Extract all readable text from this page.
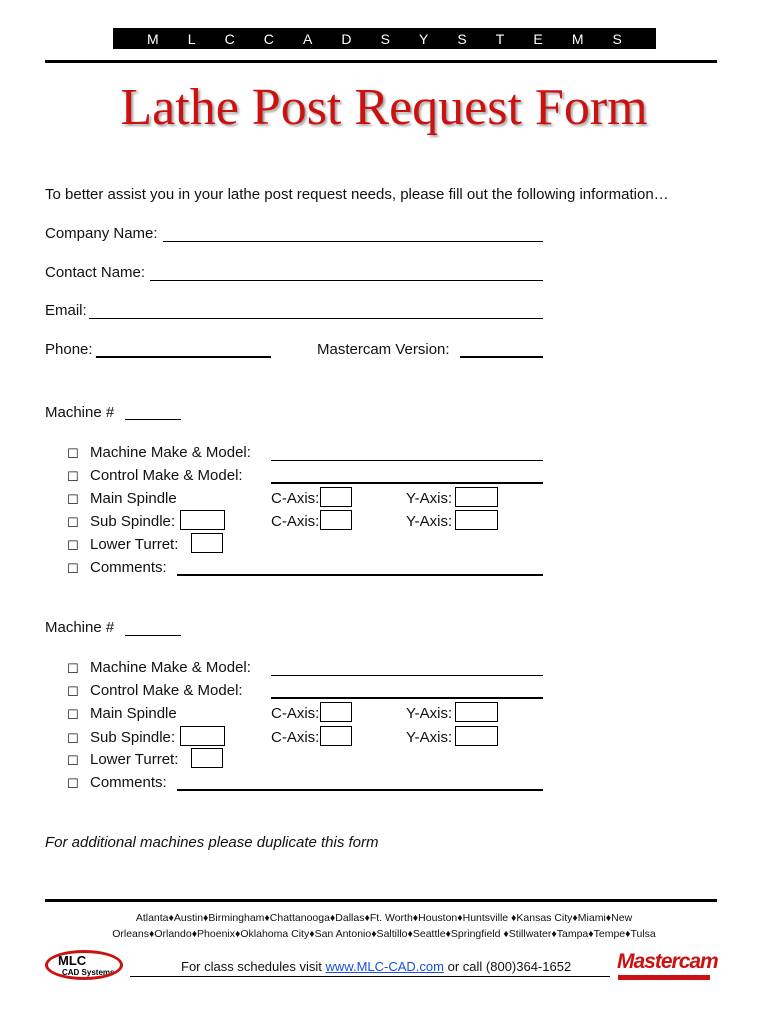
M L C C A D S Y S T E M S
Lathe Post Request Form
To better assist you in your lathe post request needs, please fill out the following information…
Company Name:
Contact Name:
Email:
Phone:	Mastercam Version:
Machine #
☐ Machine Make & Model:
☐ Control Make & Model:
☐ Main Spindle	C-Axis:	Y-Axis:
☐ Sub Spindle:	C-Axis:	Y-Axis:
☐ Lower Turret:
☐ Comments:
Machine #
☐ Machine Make & Model:
☐ Control Make & Model:
☐ Main Spindle	C-Axis:	Y-Axis:
☐ Sub Spindle:	C-Axis:	Y-Axis:
☐ Lower Turret:
☐ Comments:
For additional machines please duplicate this form
Atlanta♦Austin♦Birmingham♦Chattanooga♦Dallas♦Ft. Worth♦Houston♦Huntsville ♦Kansas City♦Miami♦New
Orleans♦Orlando♦Phoenix♦Oklahoma City♦San Antonio♦Saltillo♦Seattle♦Springfield ♦Stillwater♦Tampa♦Tempe♦Tulsa
MLC
CAD Systems	For class schedules visit www.MLC-CAD.com or call (800)364-1652 Mastercam
